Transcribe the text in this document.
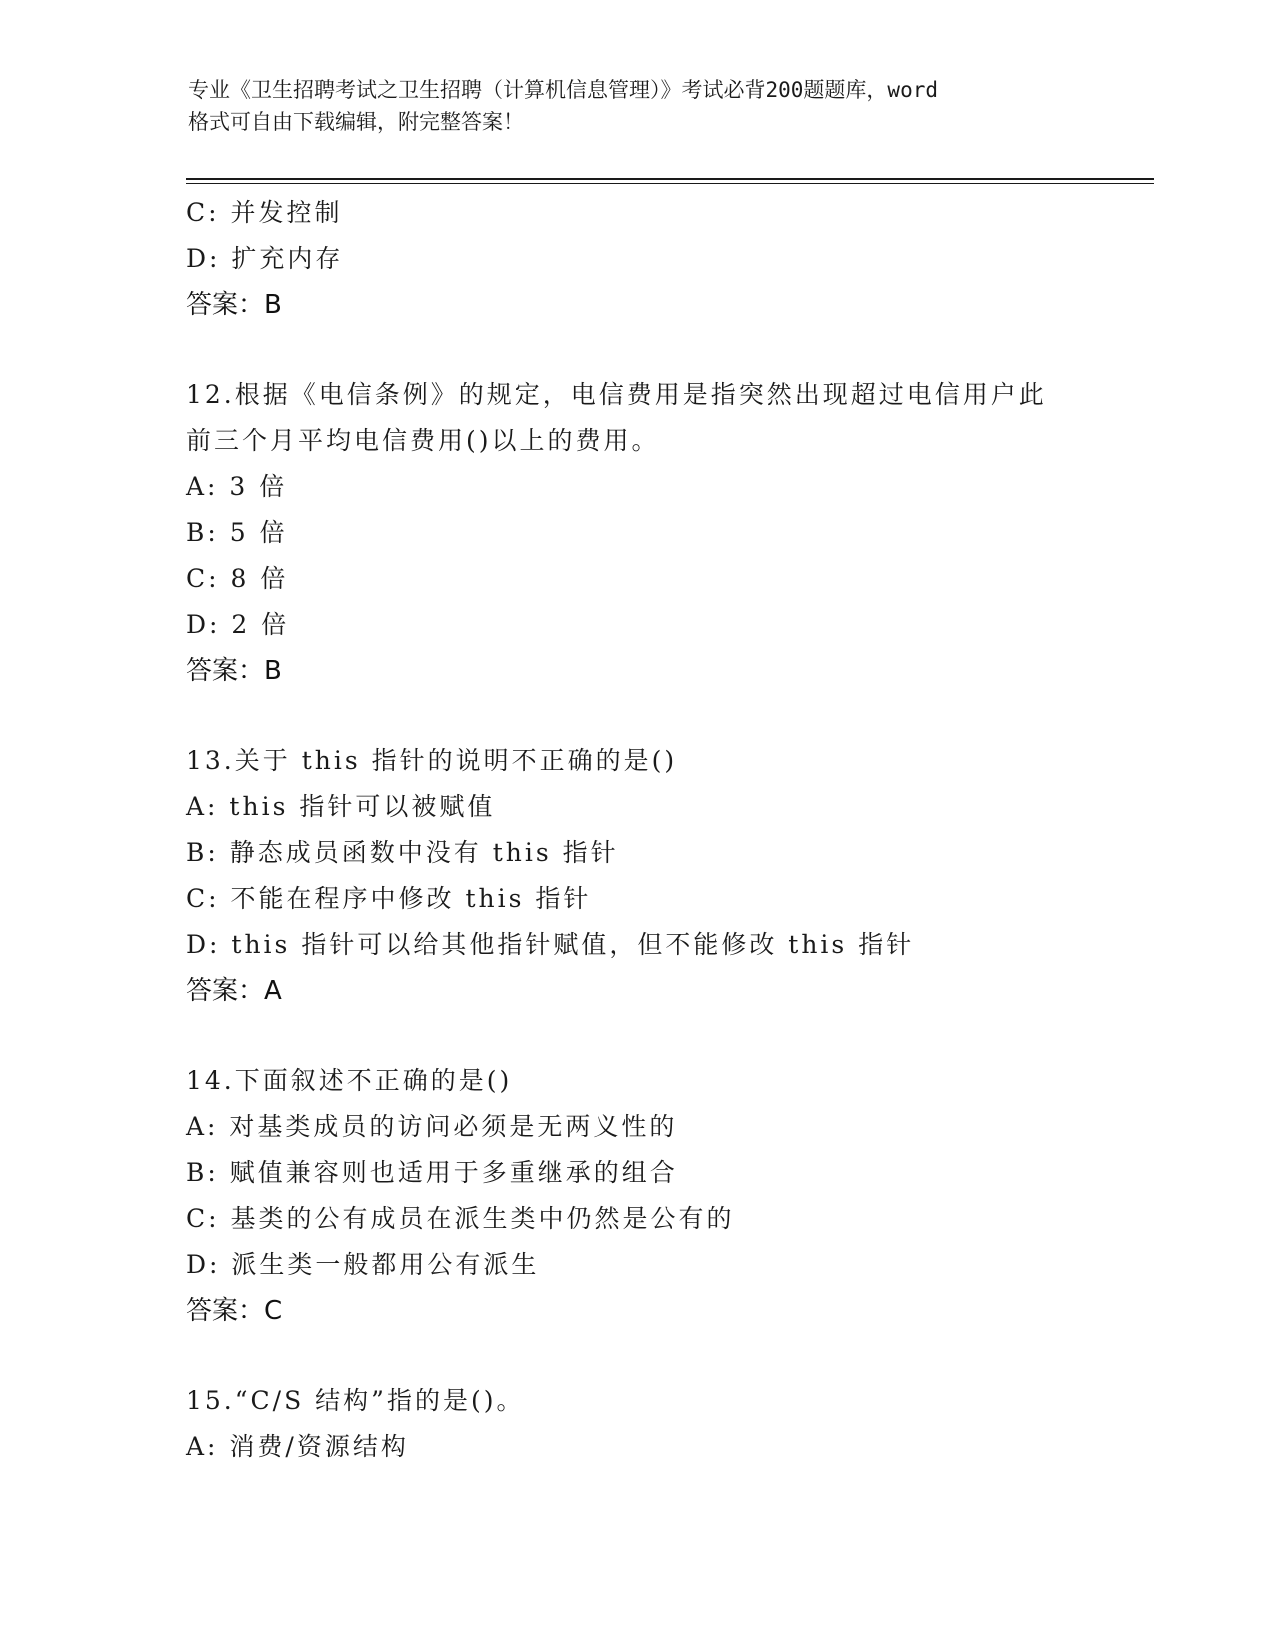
专业《卫生招聘考试之卫生招聘（计算机信息管理）》考试必背200题题库，word
格式可自由下载编辑，附完整答案！
C: 并发控制
D: 扩充内存
答案：B
12.根据《电信条例》的规定，电信费用是指突然出现超过电信用户此
前三个月平均电信费用()以上的费用。
A: 3 倍
B: 5 倍
C: 8 倍
D: 2 倍
答案：B
13.关于 this 指针的说明不正确的是()
A: this 指针可以被赋值
B: 静态成员函数中没有 this 指针
C: 不能在程序中修改 this 指针
D: this 指针可以给其他指针赋值，但不能修改 this 指针
答案：A
14.下面叙述不正确的是()
A: 对基类成员的访问必须是无两义性的
B: 赋值兼容则也适用于多重继承的组合
C: 基类的公有成员在派生类中仍然是公有的
D: 派生类一般都用公有派生
答案：C
15.“C/S 结构”指的是()。
A: 消费/资源结构
